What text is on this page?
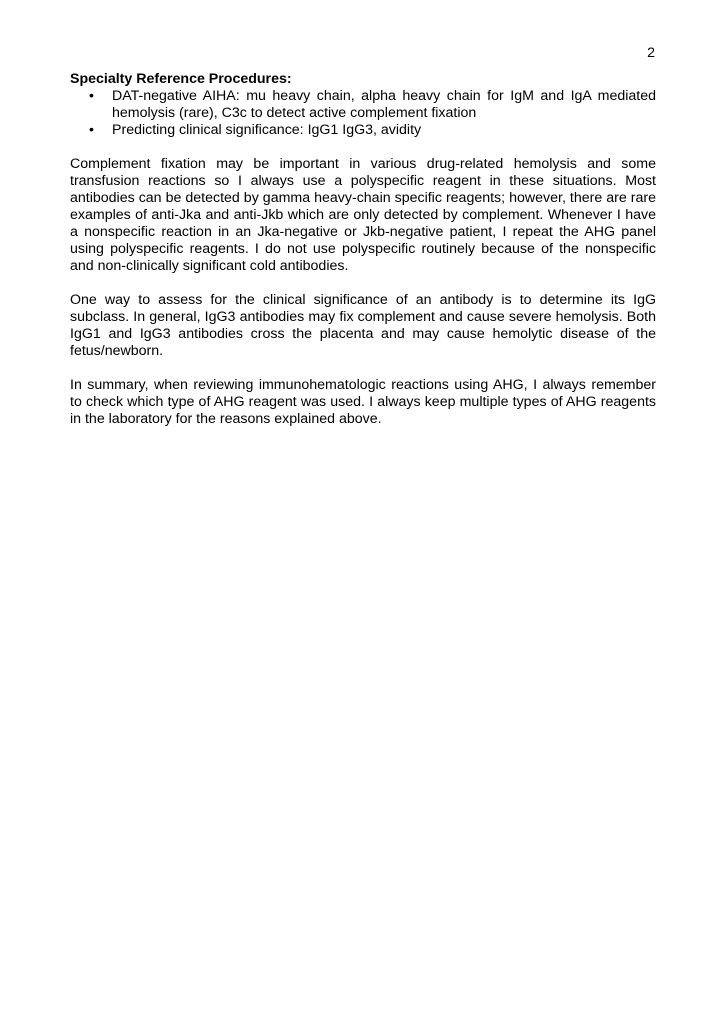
2
Specialty Reference Procedures:
• DAT-negative AIHA: mu heavy chain, alpha heavy chain for IgM and IgA mediated hemolysis (rare), C3c to detect active complement fixation
• Predicting clinical significance: IgG1 IgG3, avidity

Complement fixation may be important in various drug-related hemolysis and some transfusion reactions so I always use a polyspecific reagent in these situations. Most antibodies can be detected by gamma heavy-chain specific reagents; however, there are rare examples of anti-Jka and anti-Jkb which are only detected by complement. Whenever I have a nonspecific reaction in an Jka-negative or Jkb-negative patient, I repeat the AHG panel using polyspecific reagents. I do not use polyspecific routinely because of the nonspecific and non-clinically significant cold antibodies.

One way to assess for the clinical significance of an antibody is to determine its IgG subclass. In general, IgG3 antibodies may fix complement and cause severe hemolysis. Both IgG1 and IgG3 antibodies cross the placenta and may cause hemolytic disease of the fetus/newborn.

In summary, when reviewing immunohematologic reactions using AHG, I always remember to check which type of AHG reagent was used. I always keep multiple types of AHG reagents in the laboratory for the reasons explained above.
